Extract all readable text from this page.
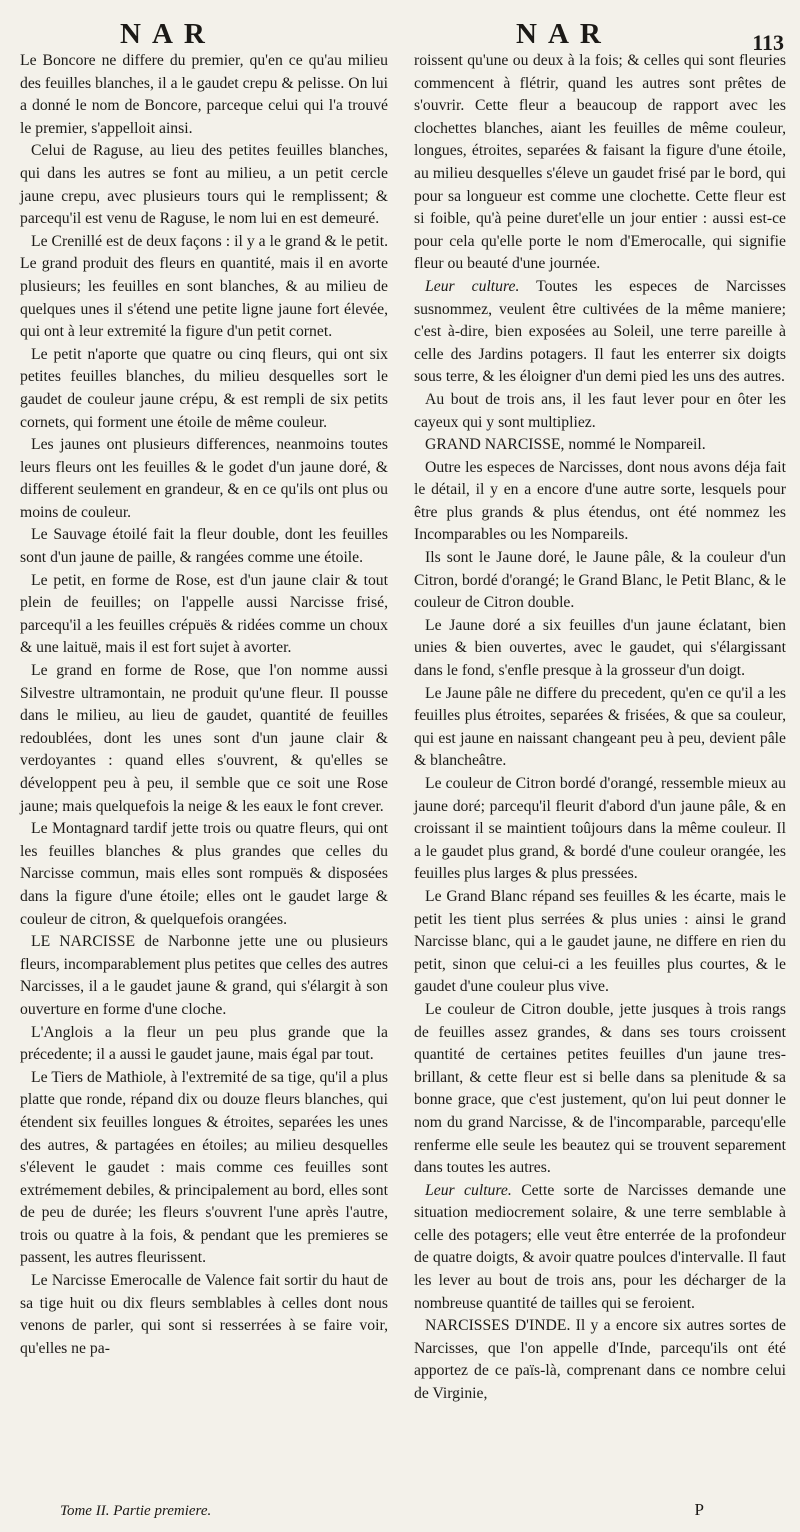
NAR	NAR	113

Le Boncore ne differe du premier, qu'en ce qu'au milieu des feuilles blanches, il a le gaudet crepu & pelisse. On lui a donné le nom de Boncore, parceque celui qui l'a trouvé le premier, s'appelloit ainsi.

Celui de Raguse, au lieu des petites feuilles blanches, qui dans les autres se font au milieu, a un petit cercle jaune crepu, avec plusieurs tours qui le remplissent; & parcequ'il est venu de Raguse, le nom lui en est demeuré.

Le Crenillé est de deux façons : il y a le grand & le petit. Le grand produit des fleurs en quantité, mais il en avorte plusieurs; les feuilles en sont blanches, & au milieu de quelques unes il s'étend une petite ligne jaune fort élevée, qui ont à leur extremité la figure d'un petit cornet.

Le petit n'aporte que quatre ou cinq fleurs, qui ont six petites feuilles blanches, du milieu desquelles sort le gaudet de couleur jaune crépu, & est rempli de six petits cornets, qui forment une étoile de même couleur.

Les jaunes ont plusieurs differences, neanmoins toutes leurs fleurs ont les feuilles & le godet d'un jaune doré, & different seulement en grandeur, & en ce qu'ils ont plus ou moins de couleur.

Le Sauvage étoilé fait la fleur double, dont les feuilles sont d'un jaune de paille, & rangées comme une étoile.

Le petit, en forme de Rose, est d'un jaune clair & tout plein de feuilles; on l'appelle aussi Narcisse frisé, parcequ'il a les feuilles crépuës & ridées comme un choux & une laituë, mais il est fort sujet à avorter.

Le grand en forme de Rose, que l'on nomme aussi Silvestre ultramontain, ne produit qu'une fleur. Il pousse dans le milieu, au lieu de gaudet, quantité de feuilles redoublées, dont les unes sont d'un jaune clair & verdoyantes : quand elles s'ouvrent, & qu'elles se développent peu à peu, il semble que ce soit une Rose jaune; mais quelquefois la neige & les eaux le font crever.

Le Montagnard tardif jette trois ou quatre fleurs, qui ont les feuilles blanches & plus grandes que celles du Narcisse commun, mais elles sont rompuës & disposées dans la figure d'une étoile; elles ont le gaudet large & couleur de citron, & quelquefois orangées.

LE NARCISSE de Narbonne jette une ou plusieurs fleurs, incomparablement plus petites que celles des autres Narcisses, il a le gaudet jaune & grand, qui s'élargit à son ouverture en forme d'une cloche.

L'Anglois a la fleur un peu plus grande que la précedente; il a aussi le gaudet jaune, mais égal par tout.

Le Tiers de Mathiole, à l'extremité de sa tige, qu'il a plus platte que ronde, répand dix ou douze fleurs blanches, qui étendent six feuilles longues & étroites, separées les unes des autres, & partagées en étoiles; au milieu desquelles s'élevent le gaudet : mais comme ces feuilles sont extrémement debiles, & principalement au bord, elles sont de peu de durée; les fleurs s'ouvrent l'une après l'autre, trois ou quatre à la fois, & pendant que les premieres se passent, les autres fleurissent.

Le Narcisse Emerocalle de Valence fait sortir du haut de sa tige huit ou dix fleurs semblables à celles dont nous venons de parler, qui sont si resserrées à se faire voir, qu'elles ne pa-

roissent qu'une ou deux à la fois; & celles qui sont fleuries commencent à flétrir, quand les autres sont prêtes de s'ouvrir. Cette fleur a beaucoup de rapport avec les clochettes blanches, aiant les feuilles de même couleur, longues, étroites, separées & faisant la figure d'une étoile, au milieu desquelles s'éleve un gaudet frisé par le bord, qui pour sa longueur est comme une clochette. Cette fleur est si foible, qu'à peine duret'elle un jour entier : aussi est-ce pour cela qu'elle porte le nom d'Emerocalle, qui signifie fleur ou beauté d'une journée.

Leur culture. Toutes les especes de Narcisses susnommez, veulent être cultivées de la même maniere; c'est à-dire, bien exposées au Soleil, une terre pareille à celle des Jardins potagers. Il faut les enterrer six doigts sous terre, & les éloigner d'un demi pied les uns des autres.

Au bout de trois ans, il les faut lever pour en ôter les cayeux qui y sont multipliez.

GRAND NARCISSE, nommé le Nompareil.

Outre les especes de Narcisses, dont nous avons déja fait le détail, il y en a encore d'une autre sorte, lesquels pour être plus grands & plus étendus, ont été nommez les Incomparables ou les Nompareils.

Ils sont le Jaune doré, le Jaune pâle, & la couleur d'un Citron, bordé d'orangé; le Grand Blanc, le Petit Blanc, & le couleur de Citron double.

Le Jaune doré a six feuilles d'un jaune éclatant, bien unies & bien ouvertes, avec le gaudet, qui s'élargissant dans le fond, s'enfle presque à la grosseur d'un doigt.

Le Jaune pâle ne differe du precedent, qu'en ce qu'il a les feuilles plus étroites, separées & frisées, & que sa couleur, qui est jaune en naissant changeant peu à peu, devient pâle & blancheâtre.

Le couleur de Citron bordé d'orangé, ressemble mieux au jaune doré; parcequ'il fleurit d'abord d'un jaune pâle, & en croissant il se maintient toûjours dans la même couleur. Il a le gaudet plus grand, & bordé d'une couleur orangée, les feuilles plus larges & plus pressées.

Le Grand Blanc répand ses feuilles & les écarte, mais le petit les tient plus serrées & plus unies : ainsi le grand Narcisse blanc, qui a le gaudet jaune, ne differe en rien du petit, sinon que celui-ci a les feuilles plus courtes, & le gaudet d'une couleur plus vive.

Le couleur de Citron double, jette jusques à trois rangs de feuilles assez grandes, & dans ses tours croissent quantité de certaines petites feuilles d'un jaune tres-brillant, & cette fleur est si belle dans sa plenitude & sa bonne grace, que c'est justement, qu'on lui peut donner le nom du grand Narcisse, & de l'incomparable, parcequ'elle renferme elle seule les beautez qui se trouvent separement dans toutes les autres.

Leur culture. Cette sorte de Narcisses demande une situation mediocrement solaire, & une terre semblable à celle des potagers; elle veut être enterrée de la profondeur de quatre doigts, & avoir quatre poulces d'intervalle. Il faut les lever au bout de trois ans, pour les décharger de la nombreuse quantité de tailles qui se feroient.

NARCISSES D'INDE. Il y a encore six autres sortes de Narcisses, que l'on appelle d'Inde, parcequ'ils ont été apportez de ce païs-là, comprenant dans ce nombre celui de Virginie,

Tome II. Partie premiere.	P
